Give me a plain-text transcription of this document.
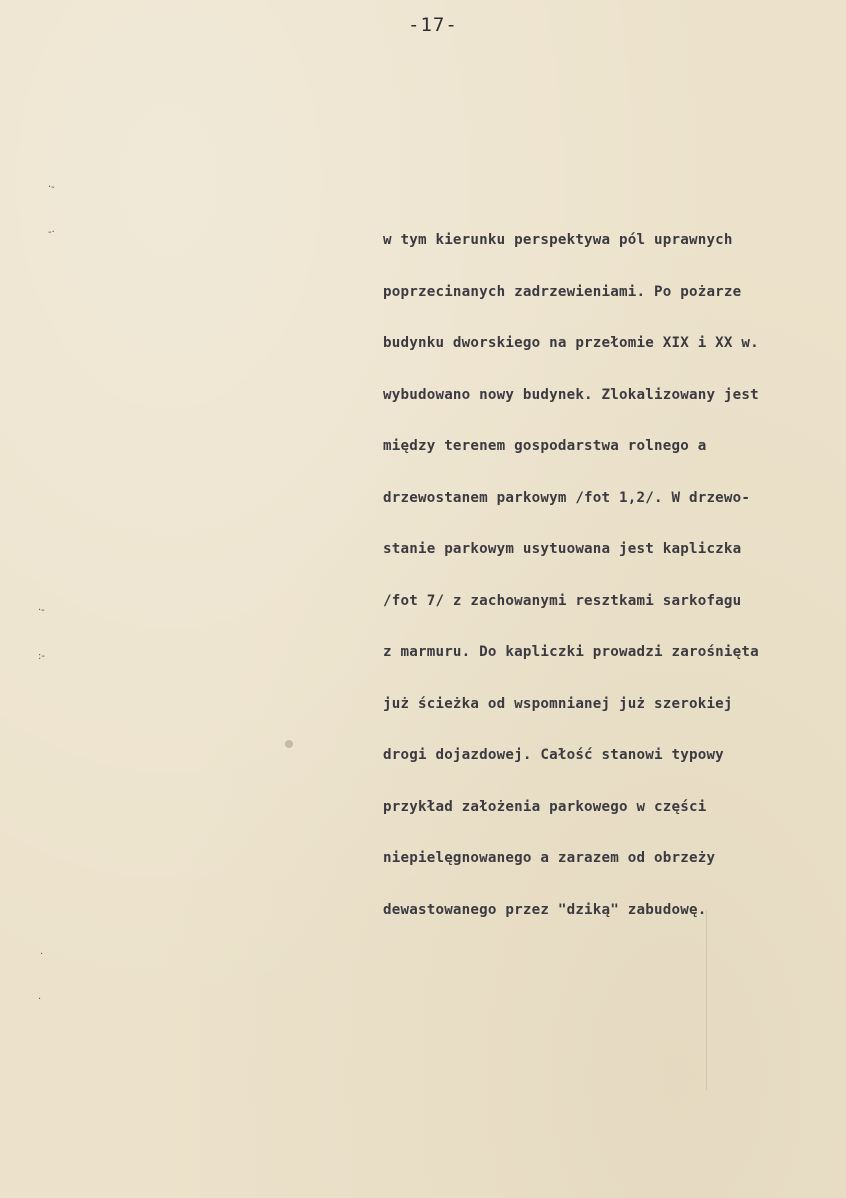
-17-
·‑
‑·
·‑
:‑
·
·
w tym kierunku perspektywa pól uprawnych
poprzecinanych zadrzewieniami. Po pożarze
budynku dworskiego na przełomie XIX i XX w.
wybudowano nowy budynek. Zlokalizowany jest
między terenem gospodarstwa rolnego a
drzewostanem parkowym /fot 1,2/. W drzewo-
stanie parkowym usytuowana jest kapliczka
/fot 7/ z zachowanymi resztkami sarkofagu
z marmuru. Do kapliczki prowadzi zarośnięta
już ścieżka od wspomnianej już szerokiej
drogi dojazdowej. Całość stanowi typowy
przykład założenia parkowego w części
niepielęgnowanego a zarazem od obrzeży
dewastowanego przez "dziką" zabudowę.
